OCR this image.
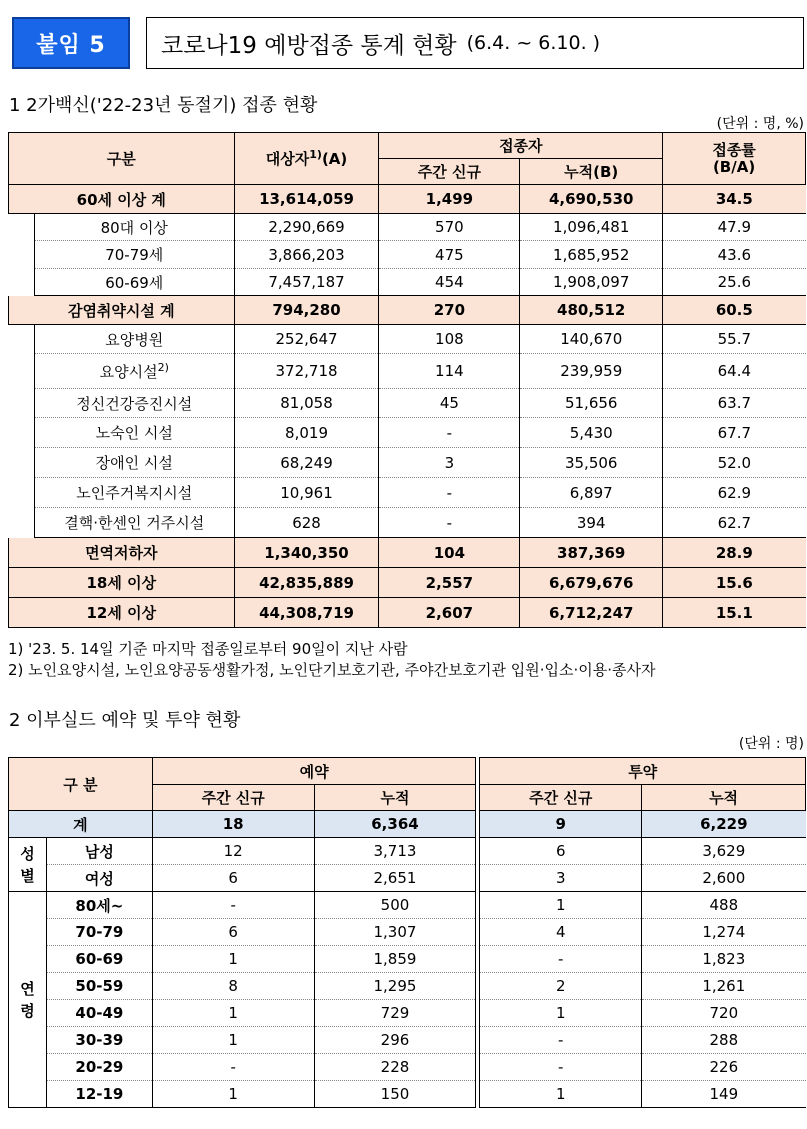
붙임 5	코로나19 예방접종 통계 현황 (6.4. ~ 6.10. )
1 2가백신('22-23년 동절기) 접종 현황
(단위 : 명, %)
구분		대상자$^{1)}$(A)	접종자		접종률
(B/A)

			주간 신규	누적(B)	
60세 이상 계		13,614,059	1,499	4,690,530	34.5
	80대 이상	2,290,669	570	1,096,481	47.9
	70-79세	3,866,203	475	1,685,952	43.6
	60-69세	7,457,187	454	1,908,097	25.6
감염취약시설 계		794,280	270	480,512	60.5
	요양병원	252,647	108	140,670	55.7
	요양시설$^{2)}$	372,718	114	239,959	64.4
	정신건강증진시설	81,058	45	51,656	63.7
	노숙인 시설	8,019	-	5,430	67.7
	장애인 시설	68,249	3	35,506	52.0
	노인주거복지시설	10,961	-	6,897	62.9
	결핵·한센인 거주시설	628	-	394	62.7
면역저하자		1,340,350	104	387,369	28.9
18세 이상		42,835,889	2,557	6,679,676	15.6
12세 이상		44,308,719	2,607	6,712,247	15.1
1) '23. 5. 14일 기준 마지막 접종일로부터 90일이 지난 사람
2) 노인요양시설, 노인요양공동생활가정, 노인단기보호기관, 주야간보호기관 입원·입소·이용·종사자
2 이부실드 예약 및 투약 현황
(단위 : 명)
구 분		예약			투약	
		주간 신규	누적		주간 신규	누적
계		18	6,364		9	6,229

성
별	남성	12	3,713		6	3,629
	여성	6	2,651		3	2,600

연
령	80세~	-	500		1	488
	70-79	6	1,307		4	1,274
	60-69	1	1,859		-	1,823
	50-59	8	1,295		2	1,261
	40-49	1	729		1	720
	30-39	1	296		-	288
	20-29	-	228		-	226
	12-19	1	150		1	149
